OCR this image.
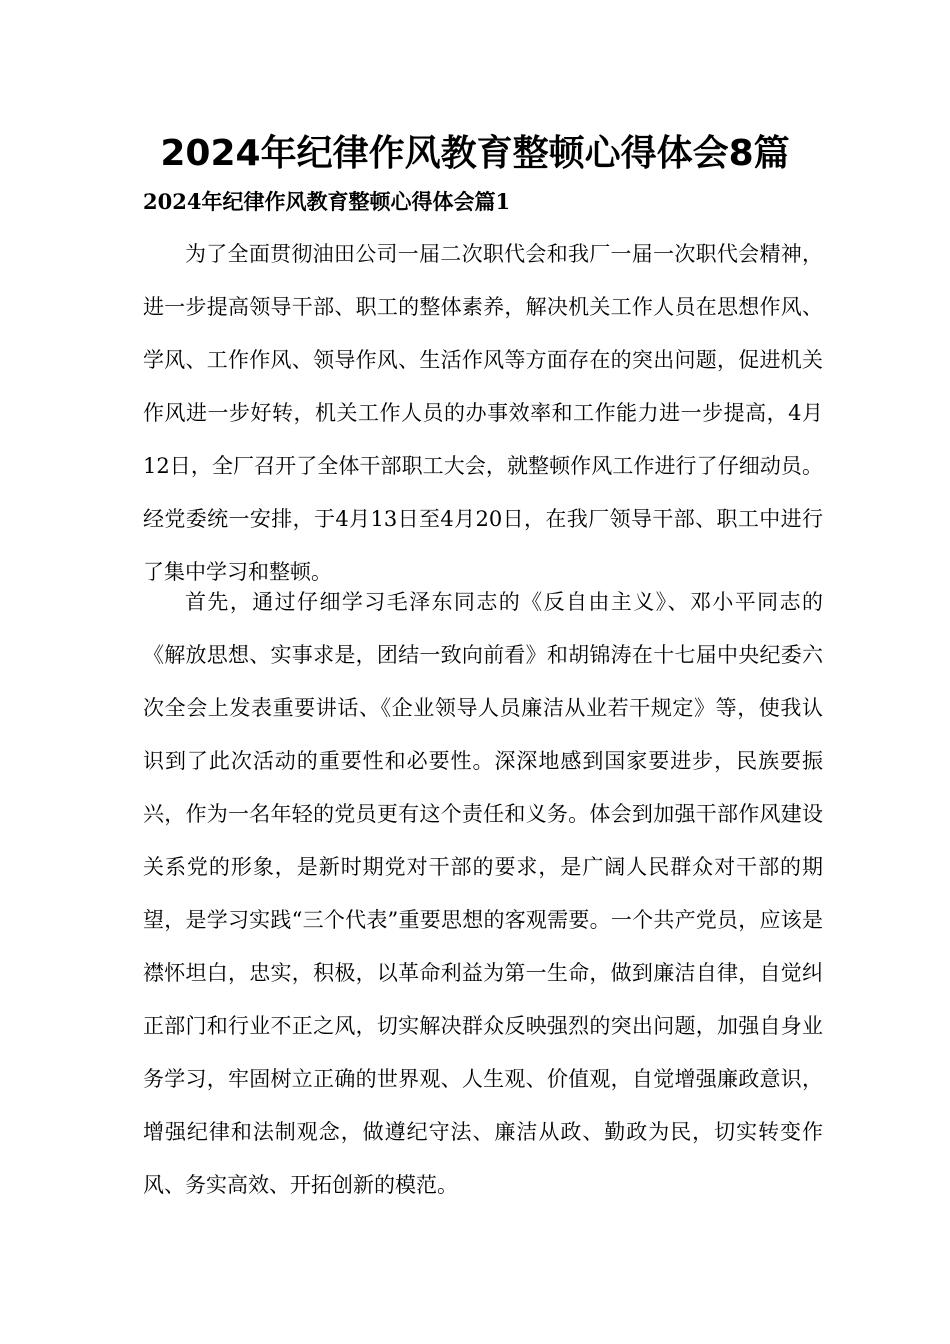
2024年纪律作风教育整顿心得体会8篇
2024年纪律作风教育整顿心得体会篇1

为了全面贯彻油田公司一届二次职代会和我厂一届一次职代会精神，进一步提高领导干部、职工的整体素养，解决机关工作人员在思想作风、学风、工作作风、领导作风、生活作风等方面存在的突出问题，促进机关作风进一步好转，机关工作人员的办事效率和工作能力进一步提高，4月12日，全厂召开了全体干部职工大会，就整顿作风工作进行了仔细动员。经党委统一安排，于4月13日至4月20日，在我厂领导干部、职工中进行了集中学习和整顿。

首先，通过仔细学习毛泽东同志的《反自由主义》、邓小平同志的《解放思想、实事求是，团结一致向前看》和胡锦涛在十七届中央纪委六次全会上发表重要讲话、《企业领导人员廉洁从业若干规定》等，使我认识到了此次活动的重要性和必要性。深深地感到国家要进步，民族要振兴，作为一名年轻的党员更有这个责任和义务。体会到加强干部作风建设关系党的形象，是新时期党对干部的要求，是广阔人民群众对干部的期望，是学习实践“三个代表”重要思想的客观需要。一个共产党员，应该是襟怀坦白，忠实，积极，以革命利益为第一生命，做到廉洁自律，自觉纠正部门和行业不正之风，切实解决群众反映强烈的突出问题，加强自身业务学习，牢固树立正确的世界观、人生观、价值观，自觉增强廉政意识，增强纪律和法制观念，做遵纪守法、廉洁从政、勤政为民，切实转变作风、务实高效、开拓创新的模范。
